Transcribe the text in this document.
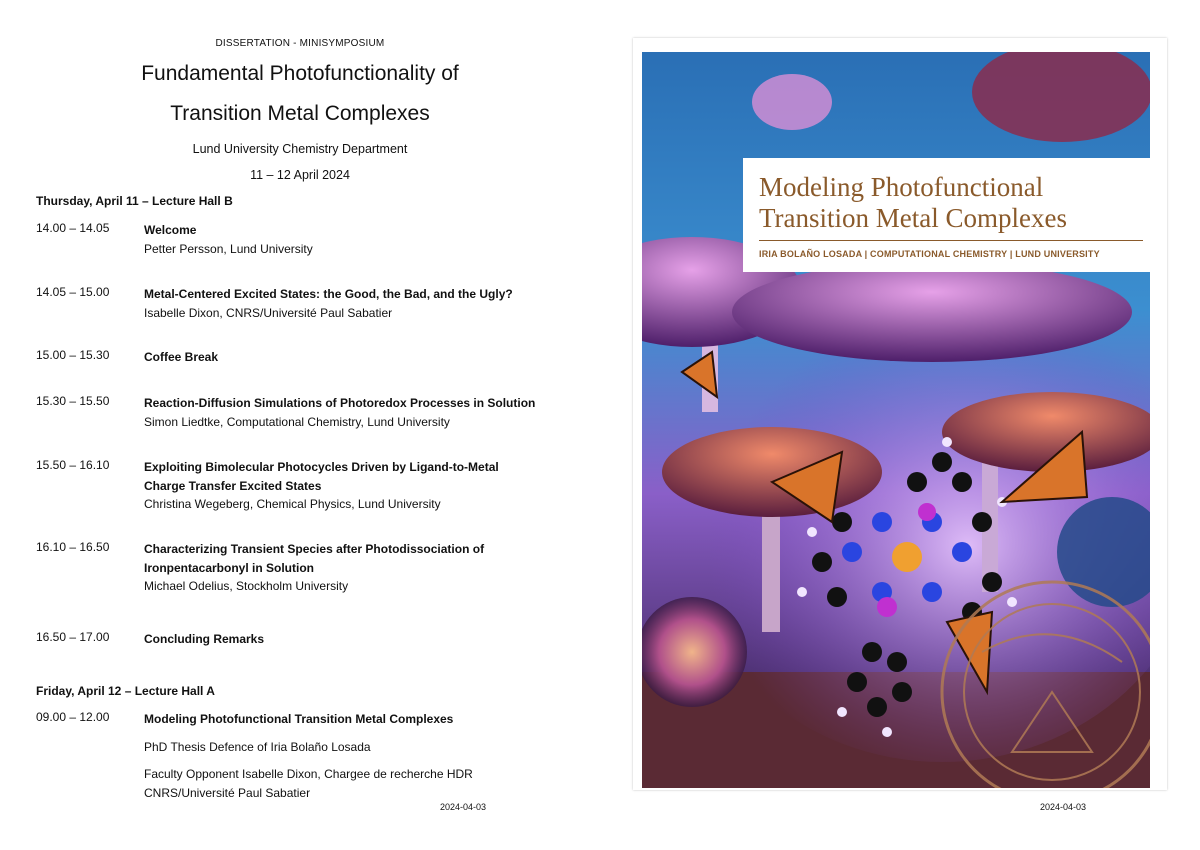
DISSERTATION - MINISYMPOSIUM
Fundamental Photofunctionality of
Transition Metal Complexes
Lund University Chemistry Department
11 – 12 April 2024
Thursday, April 11 – Lecture Hall B
14.00 – 14.05	Welcome
Petter Persson, Lund University
14.05 – 15.00	Metal-Centered Excited States: the Good, the Bad, and the Ugly?
Isabelle Dixon, CNRS/Université Paul Sabatier
15.00 – 15.30	Coffee Break
15.30 – 15.50	Reaction-Diffusion Simulations of Photoredox Processes in Solution
Simon Liedtke, Computational Chemistry, Lund University
15.50 – 16.10	Exploiting Bimolecular Photocycles Driven by Ligand-to-Metal Charge Transfer Excited States
Christina Wegeberg, Chemical Physics, Lund University
16.10 – 16.50	Characterizing Transient Species after Photodissociation of Ironpentacarbonyl in Solution
Michael Odelius, Stockholm University
16.50 – 17.00	Concluding Remarks
Friday, April 12 – Lecture Hall A
09.00 – 12.00	Modeling Photofunctional Transition Metal Complexes
PhD Thesis Defence of Iria Bolaño Losada
Faculty Opponent Isabelle Dixon, Chargee de recherche HDR
CNRS/Université Paul Sabatier
2024-04-03
Modeling Photofunctional
Transition Metal Complexes
IRIA BOLAÑO LOSADA | COMPUTATIONAL CHEMISTRY | LUND UNIVERSITY
2024-04-03
